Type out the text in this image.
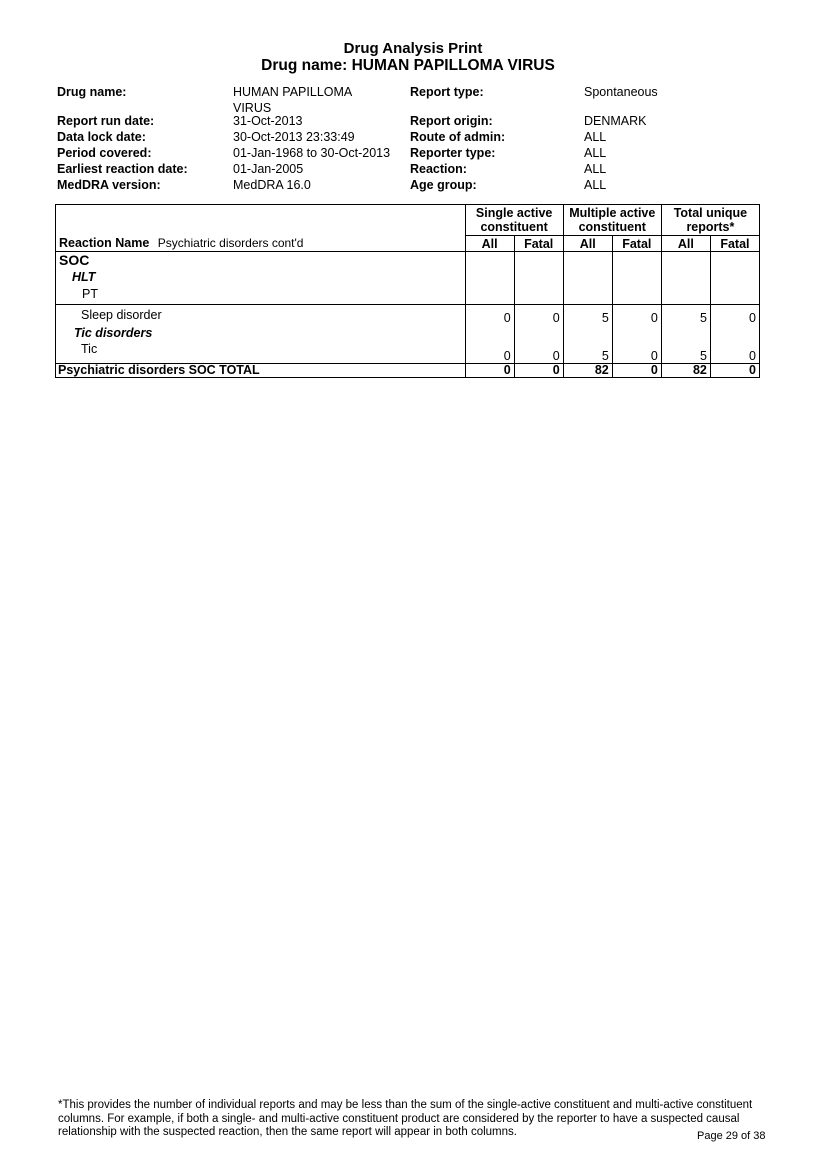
Drug Analysis Print
Drug name: HUMAN PAPILLOMA VIRUS
Drug name:	HUMAN PAPILLOMA VIRUS
Report run date:	31-Oct-2013
Data lock date:	30-Oct-2013 23:33:49
Period covered:	01-Jan-1968 to 30-Oct-2013
Earliest reaction date:	01-Jan-2005
MedDRA version:	MedDRA 16.0
Report type:	Spontaneous
Report origin:	DENMARK
Route of admin:	ALL
Reporter type:	ALL
Reaction:	ALL
Age group:	ALL
	Single active constituent		Multiple active constituent		Total unique reports*	
Reaction Name Psychiatric disorders cont'd	All	Fatal	All	Fatal	All	Fatal

SOC
HLT
PT						

Sleep disorder	0	0	5	0	5	0
Tic disorders						
Tic	0	0	5	0	5	0
Psychiatric disorders SOC TOTAL	0	0	82	0	82	0
*This provides the number of individual reports and may be less than the sum of the single-active constituent and multi-active constituent columns. For example, if both a single- and multi-active constituent product are considered by the reporter to have a suspected causal relationship with the suspected reaction, then the same report will appear in both columns.	Page 29 of 38
